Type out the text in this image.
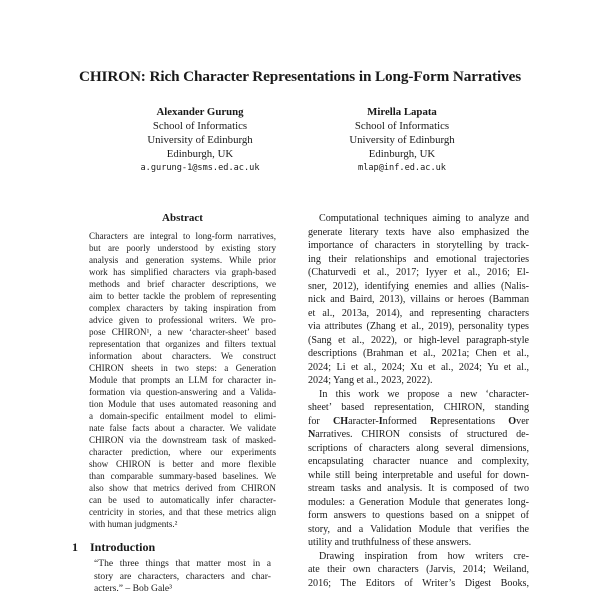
CHIRON: Rich Character Representations in Long-Form Narratives
Alexander Gurung
School of Informatics
University of Edinburgh
Edinburgh, UK
a.gurung-1@sms.ed.ac.uk
Mirella Lapata
School of Informatics
University of Edinburgh
Edinburgh, UK
mlap@inf.ed.ac.uk
Abstract
Characters are integral to long-form narratives,
but are poorly understood by existing story
analysis and generation systems. While prior
work has simplified characters via graph-based
methods and brief character descriptions, we
aim to better tackle the problem of representing
complex characters by taking inspiration from
advice given to professional writers. We pro-
pose CHIRON¹, a new ‘character-sheet’ based
representation that organizes and filters textual
information about characters. We construct
CHIRON sheets in two steps: a Generation
Module that prompts an LLM for character in-
formation via question-answering and a Valida-
tion Module that uses automated reasoning and
a domain-specific entailment model to elimi-
nate false facts about a character. We validate
CHIRON via the downstream task of masked-
character prediction, where our experiments
show CHIRON is better and more flexible
than comparable summary-based baselines. We
also show that metrics derived from CHIRON
can be used to automatically infer character-
centricity in stories, and that these metrics align
with human judgments.²
1 Introduction
“The three things that matter most in a
story are characters, characters and char-
acters.” – Bob Gale³
Computational techniques aiming to analyze and
generate literary texts have also emphasized the
importance of characters in storytelling by track-
ing their relationships and emotional trajectories
(Chaturvedi et al., 2017; Iyyer et al., 2016; El-
sner, 2012), identifying enemies and allies (Nalis-
nick and Baird, 2013), villains or heroes (Bamman
et al., 2013a, 2014), and representing characters
via attributes (Zhang et al., 2019), personality types
(Sang et al., 2022), or high-level paragraph-style
descriptions (Brahman et al., 2021a; Chen et al.,
2024; Li et al., 2024; Xu et al., 2024; Yu et al.,
2024; Yang et al., 2023, 2022).
In this work we propose a new ‘character-
sheet’ based representation, CHIRON, standing
for CHaracter-Informed Representations Over
Narratives. CHIRON consists of structured de-
scriptions of characters along several dimensions,
encapsulating character nuance and complexity,
while still being interpretable and useful for down-
stream tasks and analysis. It is composed of two
modules: a Generation Module that generates long-
form answers to questions based on a snippet of
story, and a Validation Module that verifies the
utility and truthfulness of these answers.
Drawing inspiration from how writers cre-
ate their own characters (Jarvis, 2014; Weiland,
2016; The Editors of Writer’s Digest Books,
